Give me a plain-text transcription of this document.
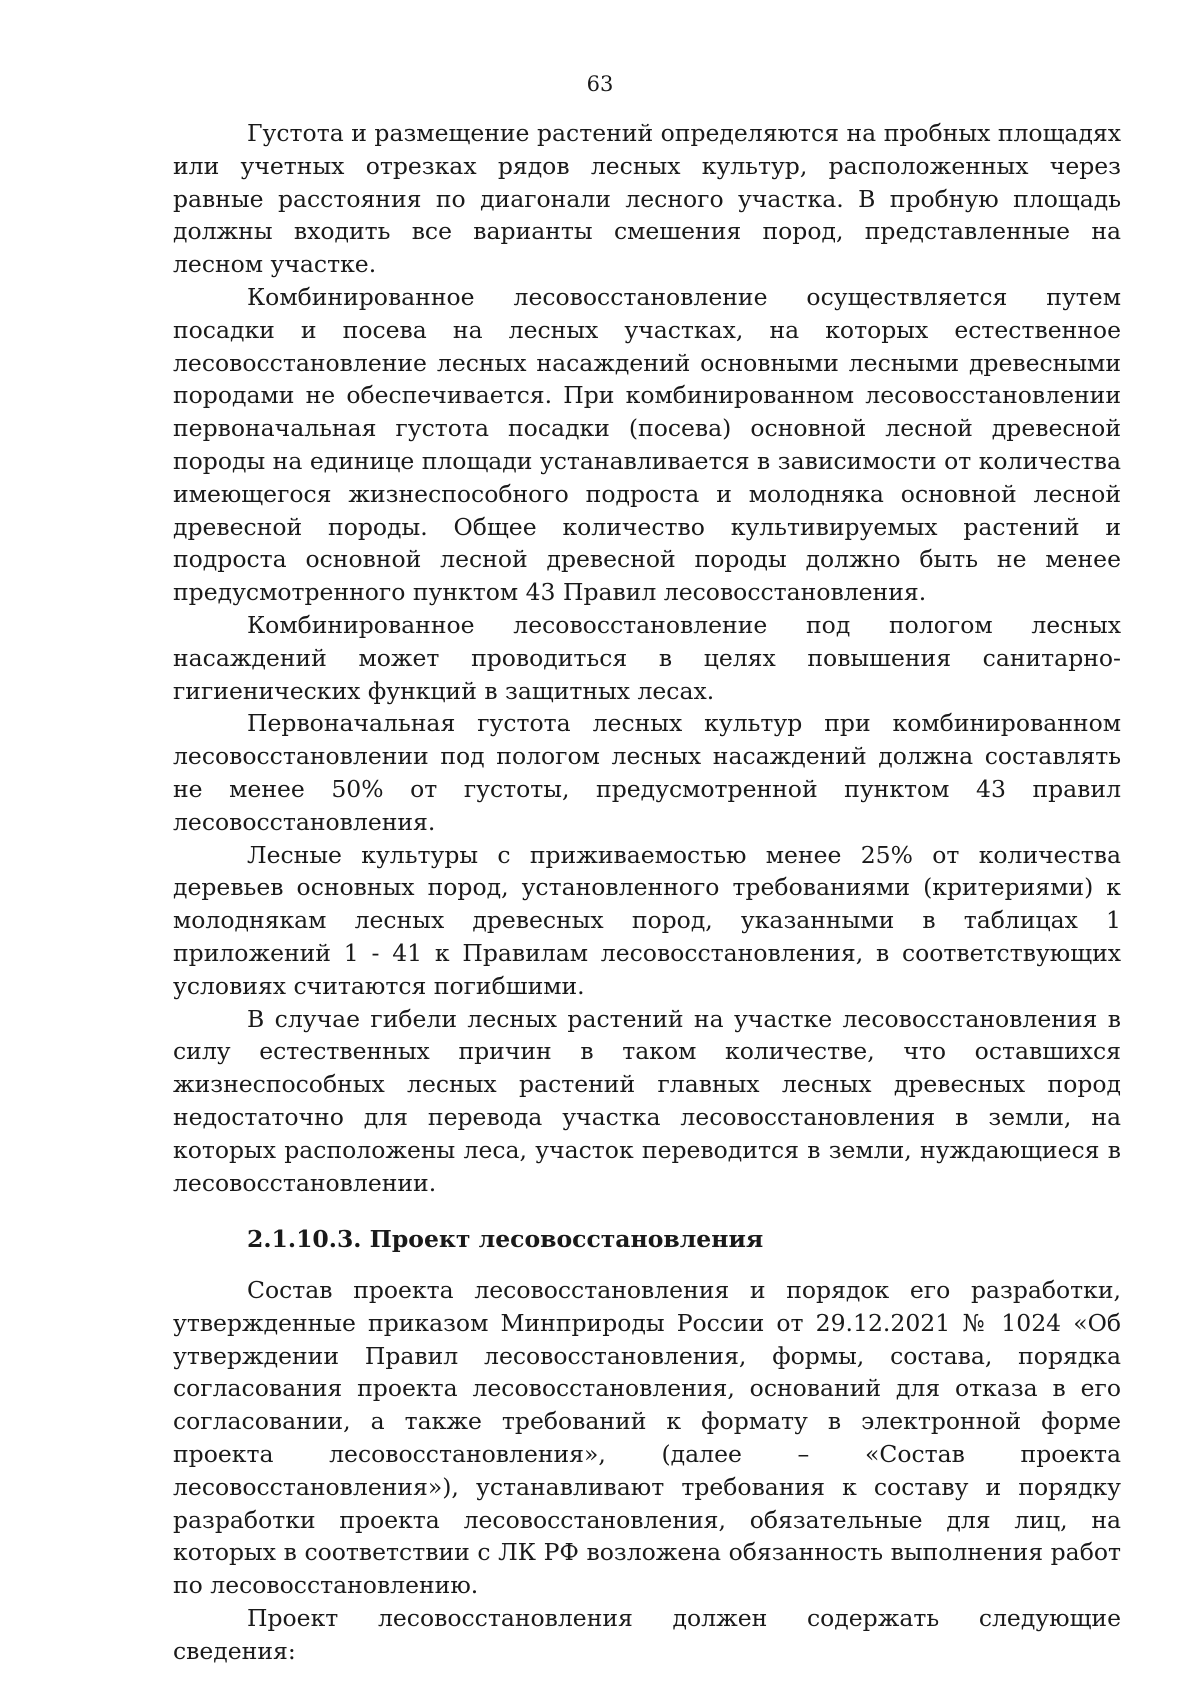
63

Густота и размещение растений определяются на пробных площадях или учетных отрезках рядов лесных культур, расположенных через равные расстояния по диагонали лесного участка. В пробную площадь должны входить все варианты смешения пород, представленные на лесном участке.

Комбинированное лесовосстановление осуществляется путем посадки и посева на лесных участках, на которых естественное лесовосстановление лесных насаждений основными лесными древесными породами не обеспечивается. При комбинированном лесовосстановлении первоначальная густота посадки (посева) основной лесной древесной породы на единице площади устанавливается в зависимости от количества имеющегося жизнеспособного подроста и молодняка основной лесной древесной породы. Общее количество культивируемых растений и подроста основной лесной древесной породы должно быть не менее предусмотренного пунктом 43 Правил лесовосстановления.

Комбинированное лесовосстановление под пологом лесных насаждений может проводиться в целях повышения санитарно-гигиенических функций в защитных лесах.

Первоначальная густота лесных культур при комбинированном лесовосстановлении под пологом лесных насаждений должна составлять не менее 50% от густоты, предусмотренной пунктом 43 правил лесовосстановления.

Лесные культуры с приживаемостью менее 25% от количества деревьев основных пород, установленного требованиями (критериями) к молоднякам лесных древесных пород, указанными в таблицах 1 приложений 1 - 41 к Правилам лесовосстановления, в соответствующих условиях считаются погибшими.

В случае гибели лесных растений на участке лесовосстановления в силу естественных причин в таком количестве, что оставшихся жизнеспособных лесных растений главных лесных древесных пород недостаточно для перевода участка лесовосстановления в земли, на которых расположены леса, участок переводится в земли, нуждающиеся в лесовосстановлении.

2.1.10.3. Проект лесовосстановления

Состав проекта лесовосстановления и порядок его разработки, утвержденные приказом Минприроды России от 29.12.2021 № 1024 «Об утверждении Правил лесовосстановления, формы, состава, порядка согласования проекта лесовосстановления, оснований для отказа в его согласовании, а также требований к формату в электронной форме проекта лесовосстановления», (далее – «Состав проекта лесовосстановления»), устанавливают требования к составу и порядку разработки проекта лесовосстановления, обязательные для лиц, на которых в соответствии с ЛК РФ возложена обязанность выполнения работ по лесовосстановлению.

Проект лесовосстановления должен содержать следующие сведения:
